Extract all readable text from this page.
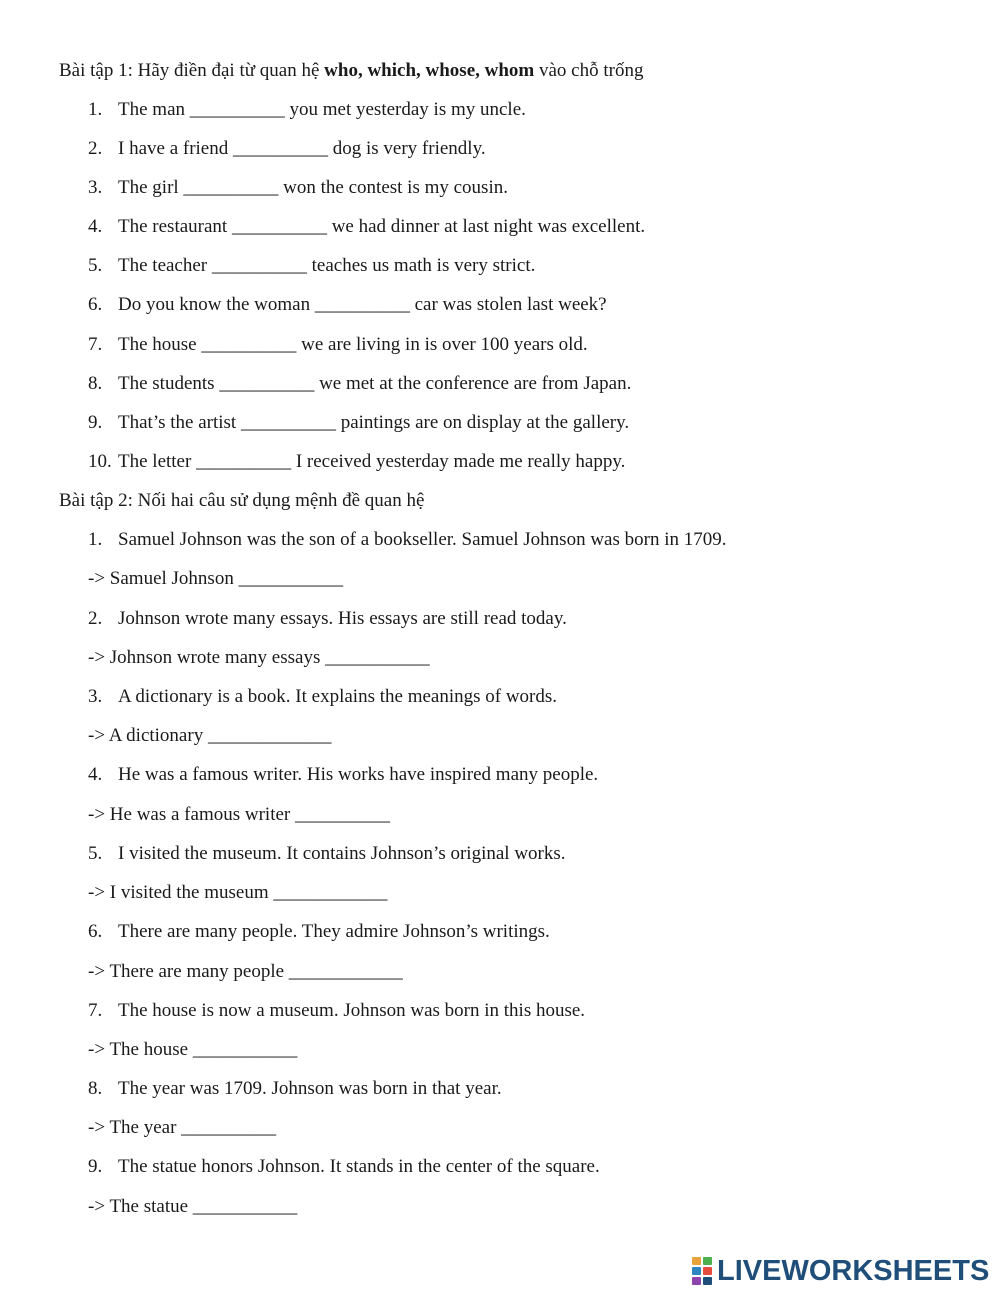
Bài tập 1: Hãy điền đại từ quan hệ who, which, whose, whom vào chỗ trống
1. The man __________ you met yesterday is my uncle.
2. I have a friend __________ dog is very friendly.
3. The girl __________ won the contest is my cousin.
4. The restaurant __________ we had dinner at last night was excellent.
5. The teacher __________ teaches us math is very strict.
6. Do you know the woman __________ car was stolen last week?
7. The house __________ we are living in is over 100 years old.
8. The students __________ we met at the conference are from Japan.
9. That’s the artist __________ paintings are on display at the gallery.
10. The letter __________ I received yesterday made me really happy.
Bài tập 2: Nối hai câu sử dụng mệnh đề quan hệ
1. Samuel Johnson was the son of a bookseller. Samuel Johnson was born in 1709.
-> Samuel Johnson ___________
2. Johnson wrote many essays. His essays are still read today.
-> Johnson wrote many essays ___________
3. A dictionary is a book. It explains the meanings of words.
-> A dictionary _____________
4. He was a famous writer. His works have inspired many people.
-> He was a famous writer __________
5. I visited the museum. It contains Johnson’s original works.
-> I visited the museum ____________
6. There are many people. They admire Johnson’s writings.
-> There are many people ____________
7. The house is now a museum. Johnson was born in this house.
-> The house ___________
8. The year was 1709. Johnson was born in that year.
-> The year __________
9. The statue honors Johnson. It stands in the center of the square.
-> The statue ___________
LIVEWORKSHEETS
